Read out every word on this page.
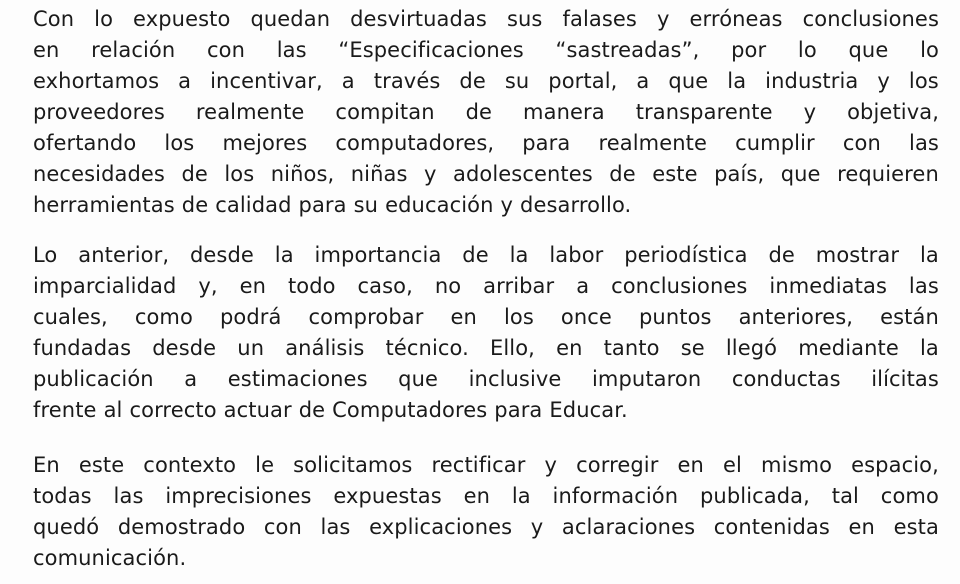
Con lo expuesto quedan desvirtuadas sus falases y erróneas conclusiones
en relación con las “Especificaciones “sastreadas”, por lo que lo
exhortamos a incentivar, a través de su portal, a que la industria y los
proveedores realmente compitan de manera transparente y objetiva,
ofertando los mejores computadores, para realmente cumplir con las
necesidades de los niños, niñas y adolescentes de este país, que requieren
herramientas de calidad para su educación y desarrollo.
Lo anterior, desde la importancia de la labor periodística de mostrar la
imparcialidad y, en todo caso, no arribar a conclusiones inmediatas las
cuales, como podrá comprobar en los once puntos anteriores, están
fundadas desde un análisis técnico. Ello, en tanto se llegó mediante la
publicación a estimaciones que inclusive imputaron conductas ilícitas
frente al correcto actuar de Computadores para Educar.
En este contexto le solicitamos rectificar y corregir en el mismo espacio,
todas las imprecisiones expuestas en la información publicada, tal como
quedó demostrado con las explicaciones y aclaraciones contenidas en esta
comunicación.
